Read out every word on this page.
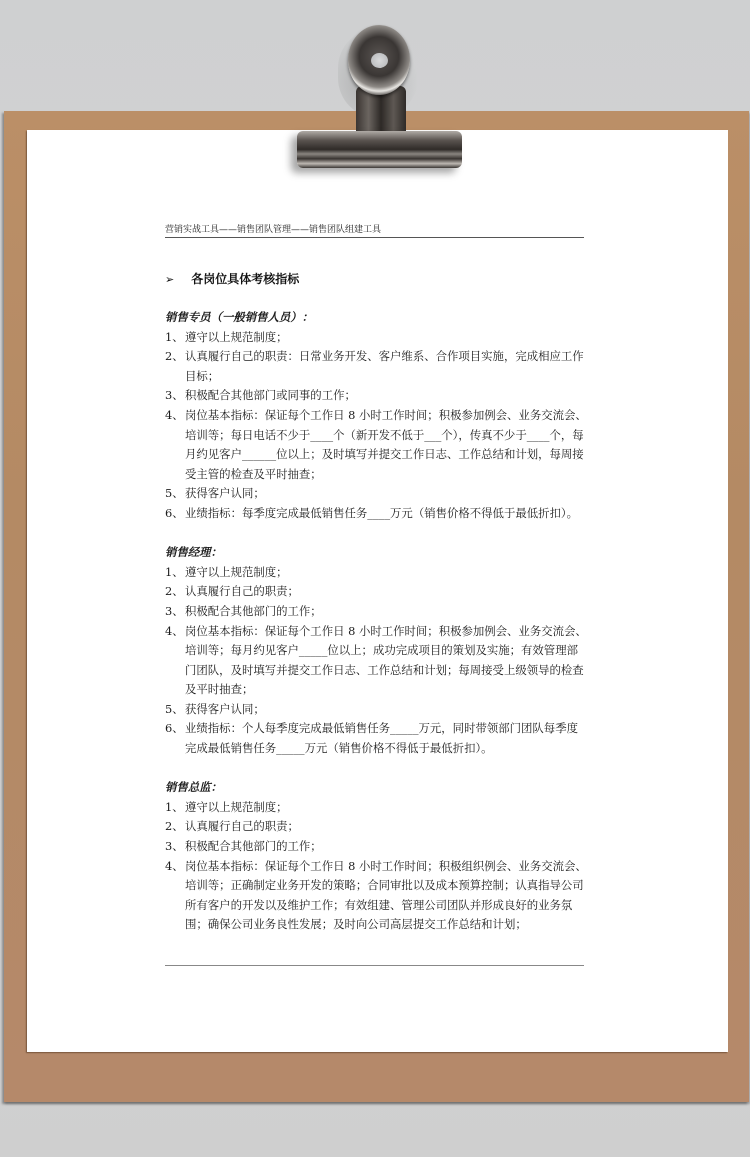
营销实战工具——销售团队管理——销售团队组建工具
➢ 各岗位具体考核指标

销售专员（一般销售人员）：

1、 遵守以上规范制度；
2、 认真履行自己的职责：日常业务开发、客户维系、合作项目实施，完成相应工作目标；
3、 积极配合其他部门或同事的工作；
4、 岗位基本指标：保证每个工作日 8 小时工作时间；积极参加例会、业务交流会、培训等；每日电话不少于____个（新开发不低于___个），传真不少于____个，每月约见客户______位以上；及时填写并提交工作日志、工作总结和计划，每周接受主管的检查及平时抽查；
5、 获得客户认同；
6、 业绩指标：每季度完成最低销售任务____万元（销售价格不得低于最低折扣）。

销售经理：

1、 遵守以上规范制度；
2、 认真履行自己的职责；
3、 积极配合其他部门的工作；
4、 岗位基本指标：保证每个工作日 8 小时工作时间；积极参加例会、业务交流会、培训等；每月约见客户_____位以上；成功完成项目的策划及实施；有效管理部门团队，及时填写并提交工作日志、工作总结和计划；每周接受上级领导的检查及平时抽查；
5、 获得客户认同；
6、 业绩指标：个人每季度完成最低销售任务_____万元，同时带领部门团队每季度完成最低销售任务_____万元（销售价格不得低于最低折扣）。

销售总监：

1、 遵守以上规范制度；
2、 认真履行自己的职责；
3、 积极配合其他部门的工作；
4、 岗位基本指标：保证每个工作日 8 小时工作时间；积极组织例会、业务交流会、培训等；正确制定业务开发的策略；合同审批以及成本预算控制；认真指导公司所有客户的开发以及维护工作；有效组建、管理公司团队并形成良好的业务氛围；确保公司业务良性发展；及时向公司高层提交工作总结和计划；
